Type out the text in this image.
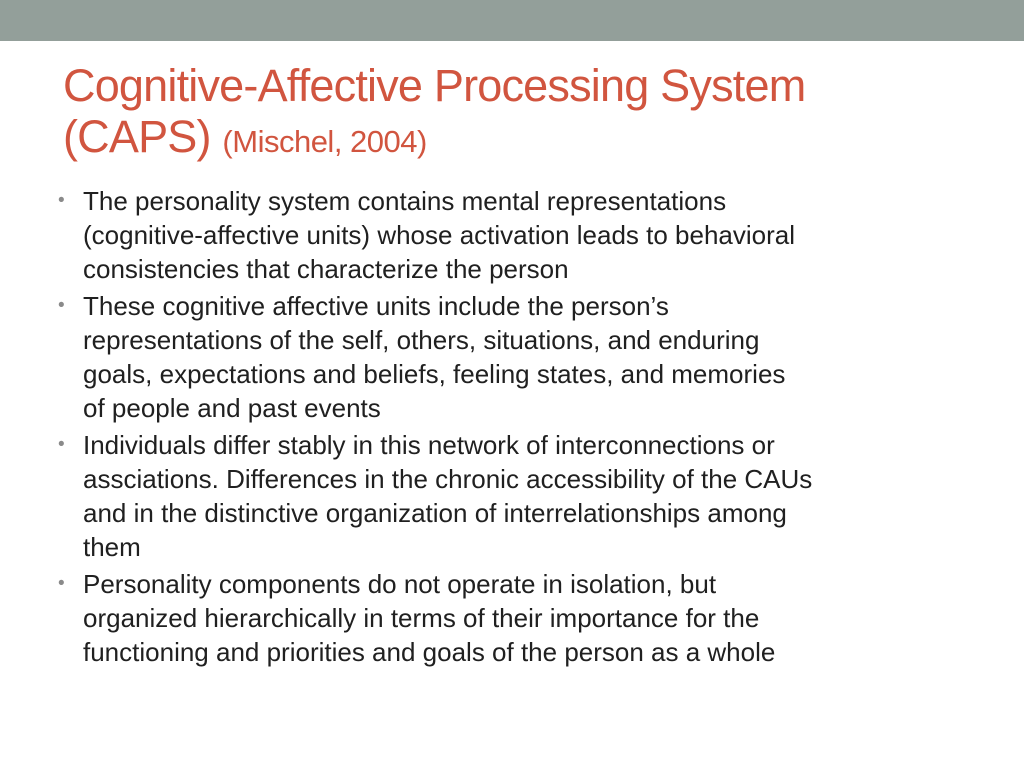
Cognitive-Affective Processing System
(CAPS) (Mischel, 2004)
• The personality system contains mental representations
(cognitive-affective units) whose activation leads to behavioral
consistencies that characterize the person
• These cognitive affective units include the person’s
representations of the self, others, situations, and enduring
goals, expectations and beliefs, feeling states, and memories
of people and past events
• Individuals differ stably in this network of interconnections or
assciations. Differences in the chronic accessibility of the CAUs
and in the distinctive organization of interrelationships among
them
• Personality components do not operate in isolation, but
organized hierarchically in terms of their importance for the
functioning and priorities and goals of the person as a whole
